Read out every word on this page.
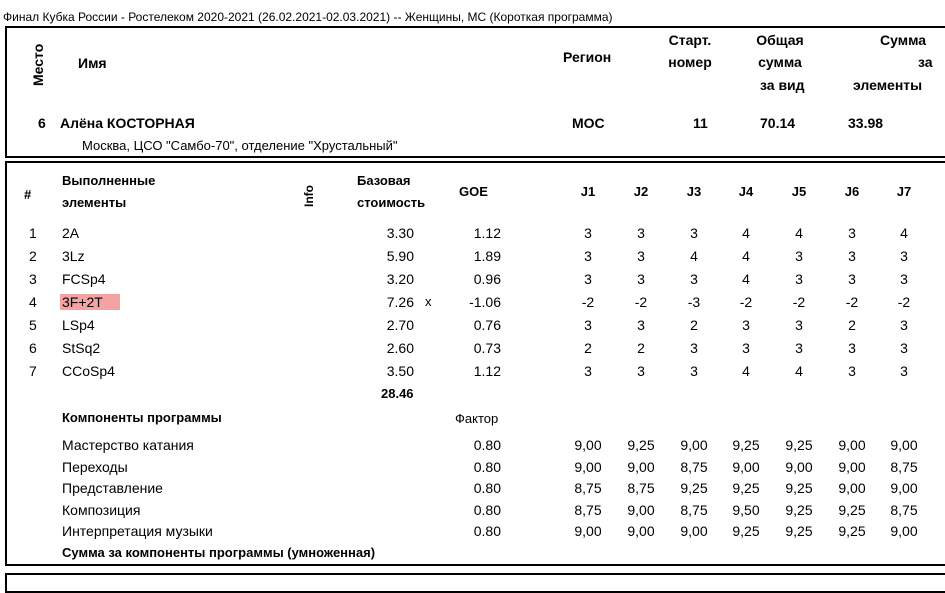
Финал Кубка России - Ростелеком 2020-2021 (26.02.2021-02.03.2021) -- Женщины, МС (Короткая программа)
Место Имя	Регион
Старт.
номер
Общая
сумма
за вид
Сумма
за
элементы
6 Алёна КОСТОРНАЯ	МОС	11	70.14	33.98
Москва, ЦСО "Самбо-70", отделение "Хрустальный"
#
Выполненные
элементы	Info
Базовая
стоимость
GOE
28.46
Компоненты программы	Фактор
Сумма за компоненты программы (умноженная)
J1	J2	J3	J4	J5	J6	J7
1 2A	3.30	1.12	3	3	3	4	4	3	4
2 3Lz	5.90	1.89	3	3	4	4	3	3	3
3 FCSp4	3.20	0.96	3	3	3	4	3	3	3
4 3F+2T	7.26 x	-1.06	-2	-2	-3	-2	-2	-2	-2
5 LSp4	2.70	0.76	3	3	2	3	3	2	3
6 StSq2	2.60	0.73	2	2	3	3	3	3	3
7 CCoSp4	3.50	1.12	3	3	3	4	4	3	3
Мастерство катания	0.80	9,00	9,25	9,00	9,25	9,25	9,00	9,00
Переходы	0.80	9,00	9,00	8,75	9,00	9,00	9,00	8,75
Представление	0.80	8,75	8,75	9,25	9,25	9,25	9,00	9,00
Композиция	0.80	8,75	9,00	8,75	9,50	9,25	9,25	8,75
Интерпретация музыки	0.80	9,00	9,00	9,00	9,25	9,25	9,25	9,00
